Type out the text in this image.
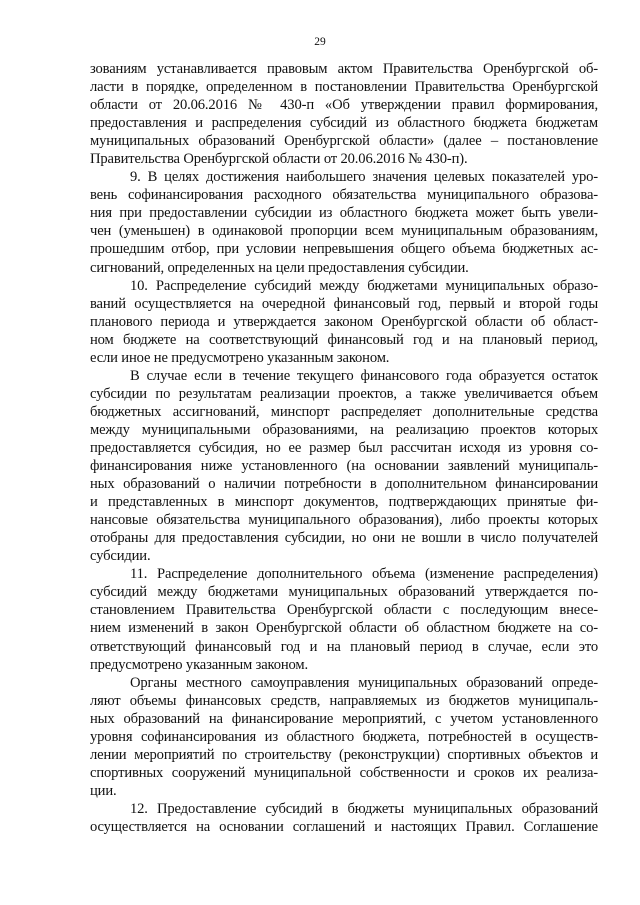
29
зованиям устанавливается правовым актом Правительства Оренбургской об-
ласти в порядке, определенном в постановлении Правительства Оренбургской
области от 20.06.2016 № 430-п «Об утверждении правил формирования,
предоставления и распределения субсидий из областного бюджета бюджетам
муниципальных образований Оренбургской области» (далее – постановление
Правительства Оренбургской области от 20.06.2016 № 430-п).
9. В целях достижения наибольшего значения целевых показателей уро-
вень софинансирования расходного обязательства муниципального образова-
ния при предоставлении субсидии из областного бюджета может быть увели-
чен (уменьшен) в одинаковой пропорции всем муниципальным образованиям,
прошедшим отбор, при условии непревышения общего объема бюджетных ас-
сигнований, определенных на цели предоставления субсидии.
10. Распределение субсидий между бюджетами муниципальных образо-
ваний осуществляется на очередной финансовый год, первый и второй годы
планового периода и утверждается законом Оренбургской области об област-
ном бюджете на соответствующий финансовый год и на плановый период,
если иное не предусмотрено указанным законом.
В случае если в течение текущего финансового года образуется остаток
субсидии по результатам реализации проектов, а также увеличивается объем
бюджетных ассигнований, минспорт распределяет дополнительные средства
между муниципальными образованиями, на реализацию проектов которых
предоставляется субсидия, но ее размер был рассчитан исходя из уровня со-
финансирования ниже установленного (на основании заявлений муниципаль-
ных образований о наличии потребности в дополнительном финансировании
и представленных в минспорт документов, подтверждающих принятые фи-
нансовые обязательства муниципального образования), либо проекты которых
отобраны для предоставления субсидии, но они не вошли в число получателей
субсидии.
11. Распределение дополнительного объема (изменение распределения)
субсидий между бюджетами муниципальных образований утверждается по-
становлением Правительства Оренбургской области с последующим внесе-
нием изменений в закон Оренбургской области об областном бюджете на со-
ответствующий финансовый год и на плановый период в случае, если это
предусмотрено указанным законом.
Органы местного самоуправления муниципальных образований опреде-
ляют объемы финансовых средств, направляемых из бюджетов муниципаль-
ных образований на финансирование мероприятий, с учетом установленного
уровня софинансирования из областного бюджета, потребностей в осуществ-
лении мероприятий по строительству (реконструкции) спортивных объектов и
спортивных сооружений муниципальной собственности и сроков их реализа-
ции.
12. Предоставление субсидий в бюджеты муниципальных образований
осуществляется на основании соглашений и настоящих Правил. Соглашение
